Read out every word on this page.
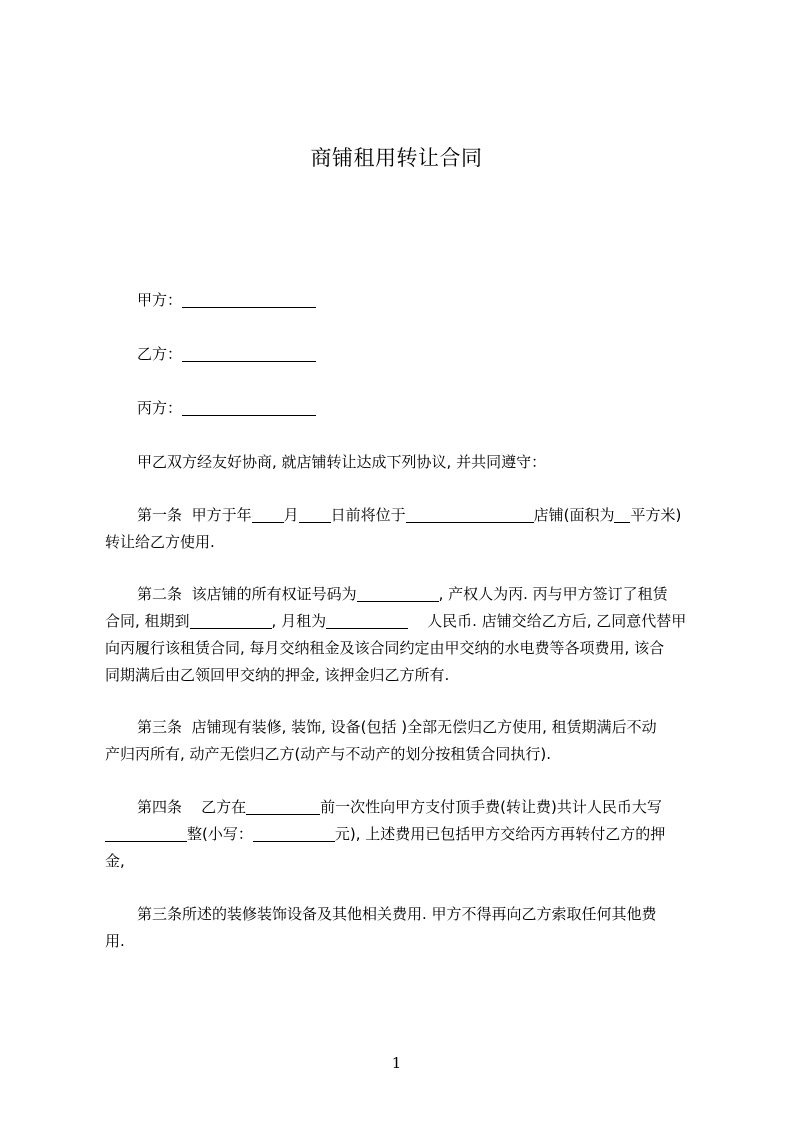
商铺租用转让合同

甲方：

乙方：

丙方：

甲乙双方经友好协商, 就店铺转让达成下列协议, 并共同遵守：

第一条 甲方于年 月 日前将位于	店铺(面积为 平方米)

转让给乙方使用.

第二条 该店铺的所有权证号码为	, 产权人为丙. 丙与甲方签订了租赁

合同, 租期到	, 月租为	人民币. 店铺交给乙方后, 乙同意代替甲

向丙履行该租赁合同, 每月交纳租金及该合同约定由甲交纳的水电费等各项费用, 该合

同期满后由乙领回甲交纳的押金, 该押金归乙方所有.

第三条 店铺现有装修, 装饰, 设备(包括 )全部无偿归乙方使用, 租赁期满后不动

产归丙所有, 动产无偿归乙方(动产与不动产的划分按租赁合同执行).

第四条 乙方在	前一次性向甲方支付顶手费(转让费)共计人民币大写

整(小写：	元), 上述费用已包括甲方交给丙方再转付乙方的押

金,

第三条所述的装修装饰设备及其他相关费用. 甲方不得再向乙方索取任何其他费

用.

1
